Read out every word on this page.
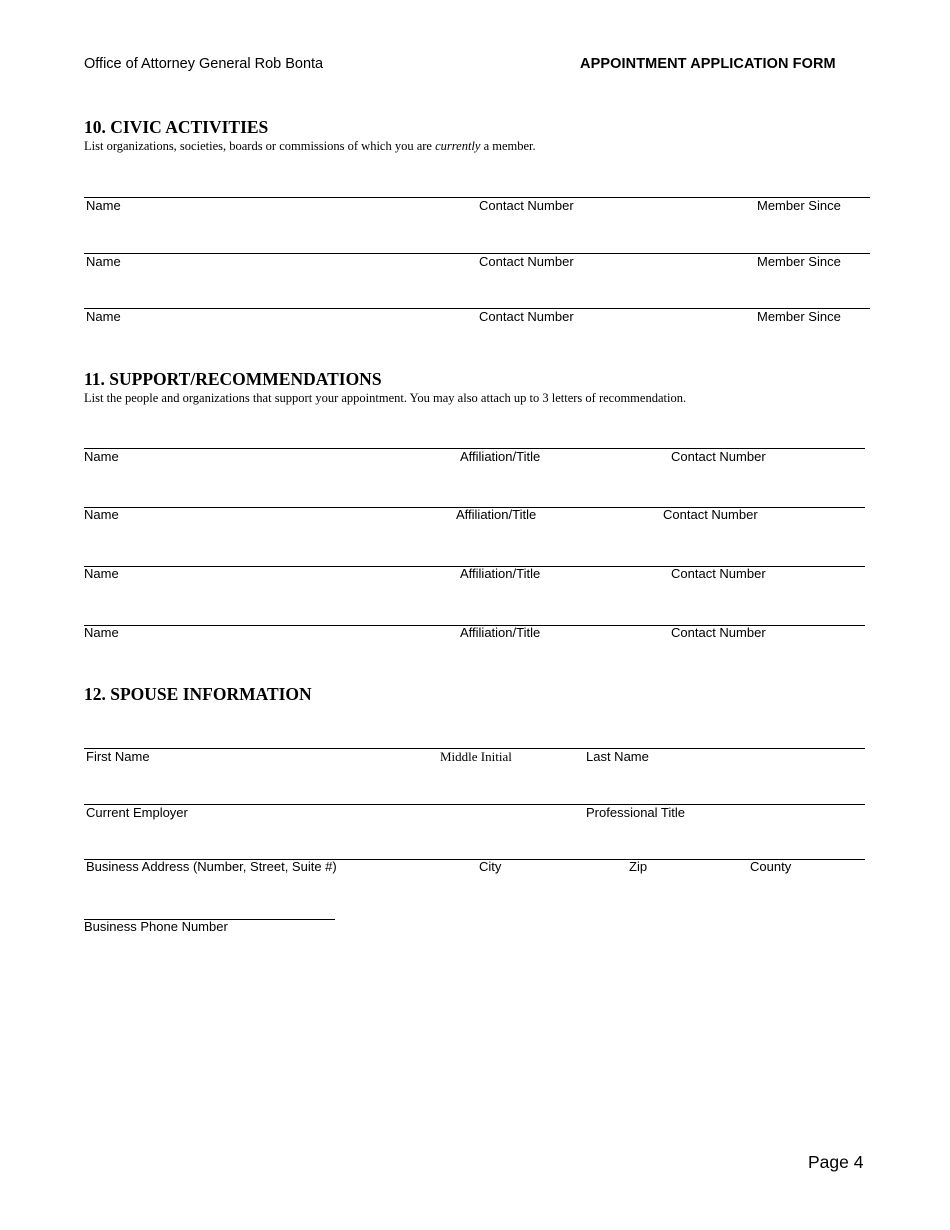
Office of Attorney General Rob Bonta	APPOINTMENT APPLICATION FORM
10. CIVIC ACTIVITIES
List organizations, societies, boards or commissions of which you are currently a member.
Name	Contact Number	Member Since
Name	Contact Number	Member Since
Name	Contact Number	Member Since
11. SUPPORT/RECOMMENDATIONS
List the people and organizations that support your appointment. You may also attach up to 3 letters of recommendation.
Name	Affiliation/Title	Contact Number
Name	Affiliation/Title	Contact Number
Name	Affiliation/Title	Contact Number
Name	Affiliation/Title	Contact Number
12. SPOUSE INFORMATION
First Name	Middle Initial	Last Name
Current Employer	Professional Title
Business Address (Number, Street, Suite #)	City	Zip	County
Business Phone Number
Page 4
